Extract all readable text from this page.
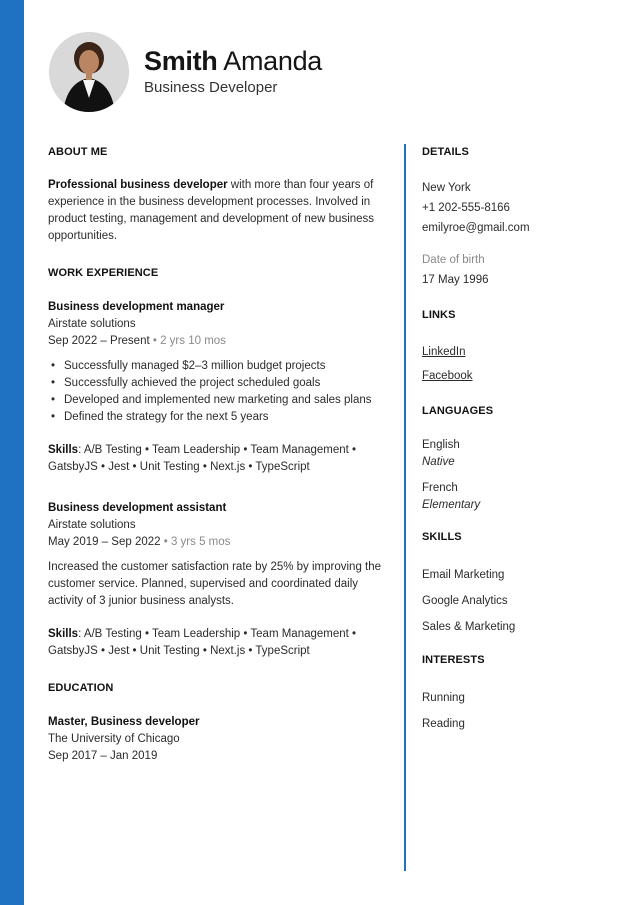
Smith Amanda
Business Developer
ABOUT ME
Professional business developer with more than four years of experience in the business development processes. Involved in product testing, management and development of new business opportunities.
WORK EXPERIENCE
Business development manager
Airstate solutions
Sep 2022 – Present • 2 yrs 10 mos
• Successfully managed $2–3 million budget projects
• Successfully achieved the project scheduled goals
• Developed and implemented new marketing and sales plans
• Defined the strategy for the next 5 years
Skills: A/B Testing • Team Leadership • Team Management •
GatsbyJS • Jest • Unit Testing • Next.js • TypeScript
Business development assistant
Airstate solutions
May 2019 – Sep 2022 • 3 yrs 5 mos
Increased the customer satisfaction rate by 25% by improving the customer service. Planned, supervised and coordinated daily activity of 3 junior business analysts.
Skills: A/B Testing • Team Leadership • Team Management •
GatsbyJS • Jest • Unit Testing • Next.js • TypeScript
EDUCATION
Master, Business developer
The University of Chicago
Sep 2017 – Jan 2019
DETAILS
New York
+1 202-555-8166
emilyroe@gmail.com
Date of birth
17 May 1996
LINKS
LinkedIn
Facebook
LANGUAGES
English
Native
French
Elementary
SKILLS
Email Marketing
Google Analytics
Sales & Marketing
INTERESTS
Running
Reading
